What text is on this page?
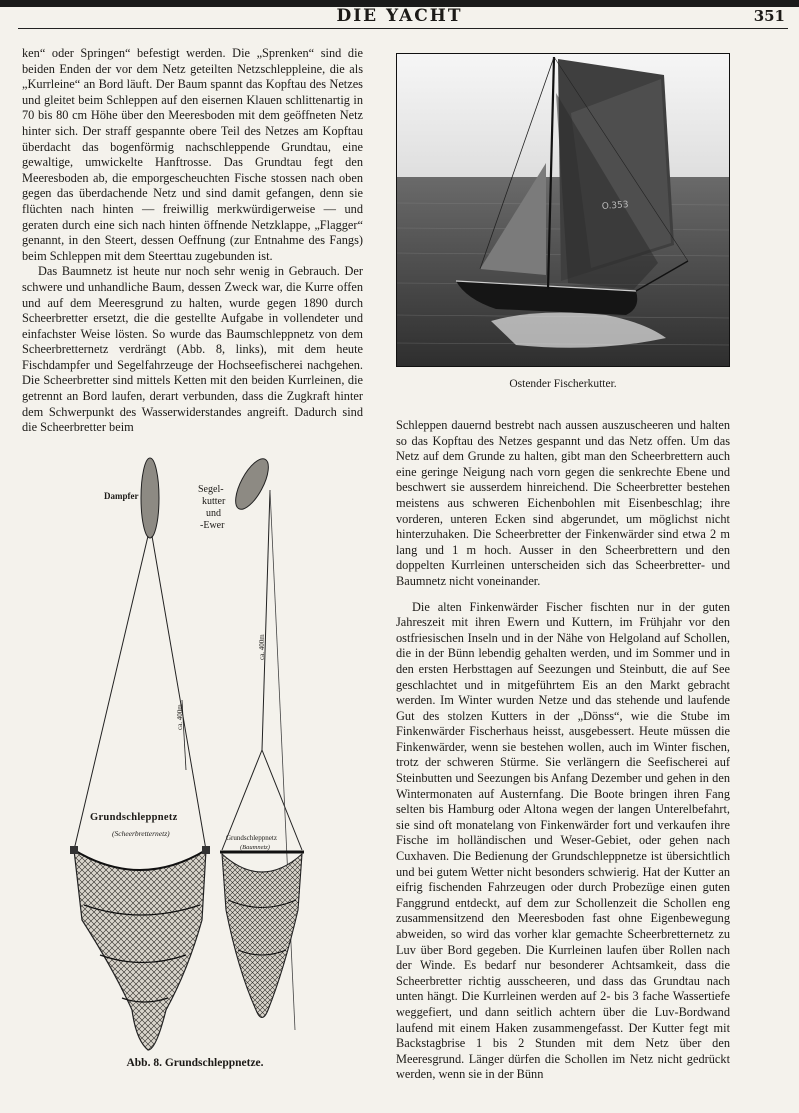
DIE YACHT	351

ken“ oder Springen“ befestigt werden. Die „Sprenken“ sind die beiden Enden der vor dem Netz geteilten Netzschleppleine, die als „Kurrleine“ an Bord läuft. Der Baum spannt das Kopftau des Netzes und gleitet beim Schleppen auf den eisernen Klauen schlittenartig in 70 bis 80 cm Höhe über den Meeresboden mit dem geöffneten Netz hinter sich. Der straff gespannte obere Teil des Netzes am Kopftau überdacht das bogenförmig nachschleppende Grundtau, eine gewaltige, umwickelte Hanftrosse. Das Grundtau fegt den Meeresboden ab, die emporgescheuchten Fische stossen nach oben gegen das überdachende Netz und sind damit gefangen, denn sie flüchten nach hinten — freiwillig merkwürdigerweise — und geraten durch eine sich nach hinten öffnende Netzklappe, „Flagger“ genannt, in den Steert, dessen Oeffnung (zur Entnahme des Fangs) beim Schleppen mit dem Steerttau zugebunden ist.

Das Baumnetz ist heute nur noch sehr wenig in Gebrauch. Der schwere und unhandliche Baum, dessen Zweck war, die Kurre offen und auf dem Meeresgrund zu halten, wurde gegen 1890 durch Scheerbretter ersetzt, die die gestellte Aufgabe in vollendeter und einfachster Weise lösten. So wurde das Baumschleppnetz von dem Scheerbretternetz verdrängt (Abb. 8, links), mit dem heute Fischdampfer und Segelfahrzeuge der Hochseefischerei nachgehen. Die Scheerbretter sind mittels Ketten mit den beiden Kurrleinen, die getrennt an Bord laufen, derart verbunden, dass die Zugkraft hinter dem Schwerpunkt des Wasserwiderstandes angreift. Dadurch sind die Scheerbretter beim

O.353
Ostender Fischerkutter.

Schleppen dauernd bestrebt nach aussen auszuscheeren und halten so das Kopftau des Netzes gespannt und das Netz offen. Um das Netz auf dem Grunde zu halten, gibt man den Scheerbrettern auch eine geringe Neigung nach vorn gegen die senkrechte Ebene und beschwert sie ausserdem hinreichend. Die Scheerbretter bestehen meistens aus schweren Eichenbohlen mit Eisenbeschlag; ihre vorderen, unteren Ecken sind abgerundet, um möglichst nicht hinterzuhaken. Die Scheerbretter der Finkenwärder sind etwa 2 m lang und 1 m hoch. Ausser in den Scheerbrettern und den doppelten Kurrleinen unterscheiden sich das Scheerbretter- und Baumnetz nicht voneinander.

Die alten Finkenwärder Fischer fischten nur in der guten Jahreszeit mit ihren Ewern und Kuttern, im Frühjahr vor den ostfriesischen Inseln und in der Nähe von Helgoland auf Schollen, die in der Bünn lebendig gehalten werden, und im Sommer und in den ersten Herbsttagen auf Seezungen und Steinbutt, die auf See geschlachtet und in mitgeführtem Eis an den Markt gebracht werden. Im Winter wurden Netze und das stehende und laufende Gut des stolzen Kutters in der „Dönss“, wie die Stube im Finkenwärder Fischerhaus heisst, ausgebessert. Heute müssen die Finkenwärder, wenn sie bestehen wollen, auch im Winter fischen, trotz der schweren Stürme. Sie verlängern die Seefischerei auf Steinbutten und Seezungen bis Anfang Dezember und gehen in den Wintermonaten auf Austernfang. Die Boote bringen ihren Fang selten bis Hamburg oder Altona wegen der langen Unterelbefahrt, sie sind oft monatelang von Finkenwärder fort und verkaufen ihre Fische im holländischen und Weser-Gebiet, oder gehen nach Cuxhaven. Die Bedienung der Grundschleppnetze ist übersichtlich und bei gutem Wetter nicht besonders schwierig. Hat der Kutter an eifrig fischenden Fahrzeugen oder durch Probezüge einen guten Fanggrund entdeckt, auf dem zur Schollenzeit die Schollen eng zusammensitzend den Meeresboden fast ohne Eigenbewegung abweiden, so wird das vorher klar gemachte Scheerbretternetz zu Luv über Bord gegeben. Die Kurrleinen laufen über Rollen nach der Winde. Es bedarf nur besonderer Achtsamkeit, dass die Scheerbretter richtig ausscheeren, und dass das Grundtau nach unten hängt. Die Kurrleinen werden auf 2- bis 3 fache Wassertiefe weggefiert, und dann seitlich achtern über die Luv-Bordwand laufend mit einem Haken zusammengefasst. Der Kutter fegt mit Backstagbrise 1 bis 2 Stunden mit dem Netz über den Meeresgrund. Länger dürfen die Schollen im Netz nicht gedrückt werden, wenn sie in der Bünn

Dampfer
Segel-
kutter
und
-Ewer
ca. 400m
ca. 400m
Grundschleppnetz
(Scheerbretternetz)	Grundschleppnetz
(Baumnetz)
Abb. 8. Grundschleppnetze.
